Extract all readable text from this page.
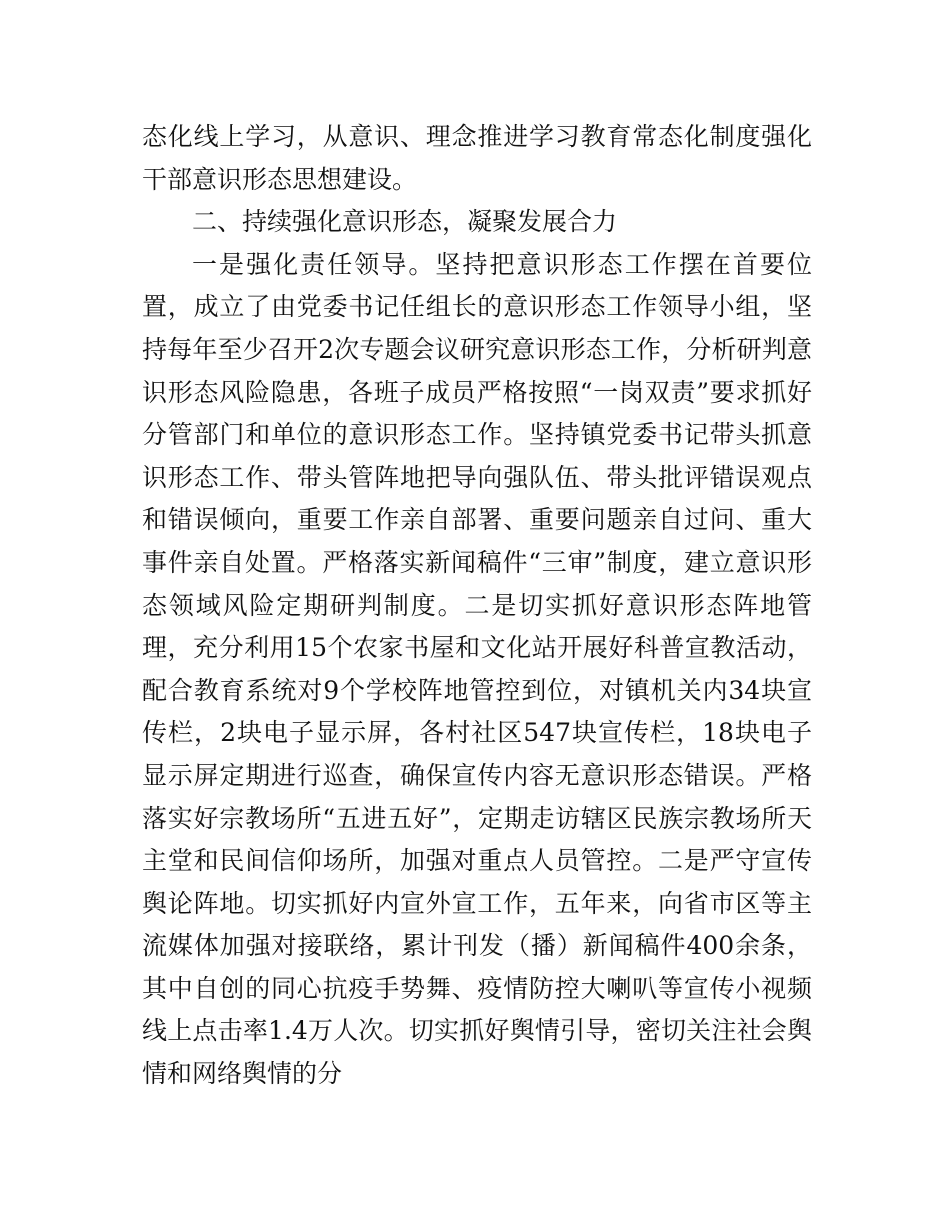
态化线上学习，从意识、理念推进学习教育常态化制度强化干部意识形态思想建设。

二、持续强化意识形态，凝聚发展合力

一是强化责任领导。坚持把意识形态工作摆在首要位置，成立了由党委书记任组长的意识形态工作领导小组，坚持每年至少召开2次专题会议研究意识形态工作，分析研判意识形态风险隐患，各班子成员严格按照“一岗双责”要求抓好分管部门和单位的意识形态工作。坚持镇党委书记带头抓意识形态工作、带头管阵地把导向强队伍、带头批评错误观点和错误倾向，重要工作亲自部署、重要问题亲自过问、重大事件亲自处置。严格落实新闻稿件“三审”制度，建立意识形态领域风险定期研判制度。二是切实抓好意识形态阵地管理，充分利用15个农家书屋和文化站开展好科普宣教活动，配合教育系统对9个学校阵地管控到位，对镇机关内34块宣传栏，2块电子显示屏，各村社区547块宣传栏，18块电子显示屏定期进行巡查，确保宣传内容无意识形态错误。严格落实好宗教场所“五进五好”，定期走访辖区民族宗教场所天主堂和民间信仰场所，加强对重点人员管控。二是严守宣传舆论阵地。切实抓好内宣外宣工作，五年来，向省市区等主流媒体加强对接联络，累计刊发（播）新闻稿件400余条，其中自创的同心抗疫手势舞、疫情防控大喇叭等宣传小视频线上点击率1.4万人次。切实抓好舆情引导，密切关注社会舆情和网络舆情的分
